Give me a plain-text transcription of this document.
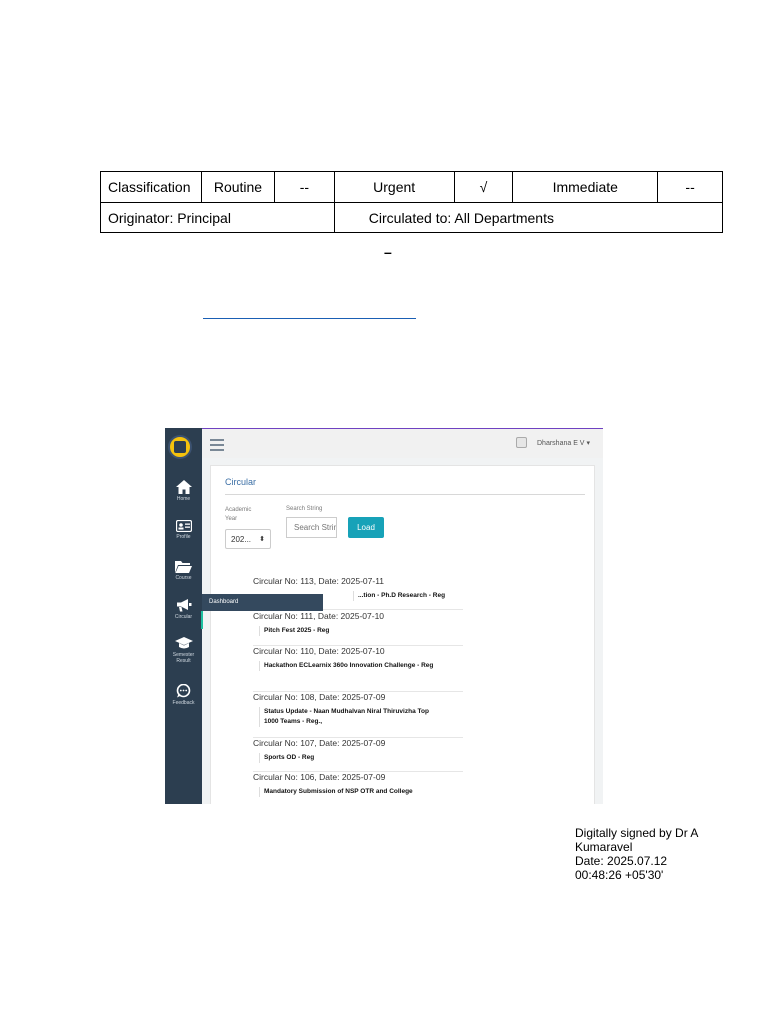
Classification	Routine	--	Urgent	√	Immediate	--
Originator: Principal			Circulated to: All Departments			
–
Home
Profile
Course
Circular
Semester Result
Feedback
Dharshana E V ▾
Circular
Academic Year
Search String
202... ⬍
Search String
Load
Circular No: 113, Date: 2025-07-11
...tion - Ph.D Research - Reg
Circular No: 111, Date: 2025-07-10
Pitch Fest 2025 - Reg
Circular No: 110, Date: 2025-07-10
Hackathon ECLearnix 360o Innovation Challenge - Reg
Circular No: 108, Date: 2025-07-09
Status Update - Naan Mudhalvan Niral Thiruvizha Top 1000 Teams - Reg.,
Circular No: 107, Date: 2025-07-09
Sports OD - Reg
Circular No: 106, Date: 2025-07-09
Mandatory Submission of NSP OTR and College
Dashboard
Digitally signed by Dr A
Kumaravel
Date: 2025.07.12
00:48:26 +05'30'
